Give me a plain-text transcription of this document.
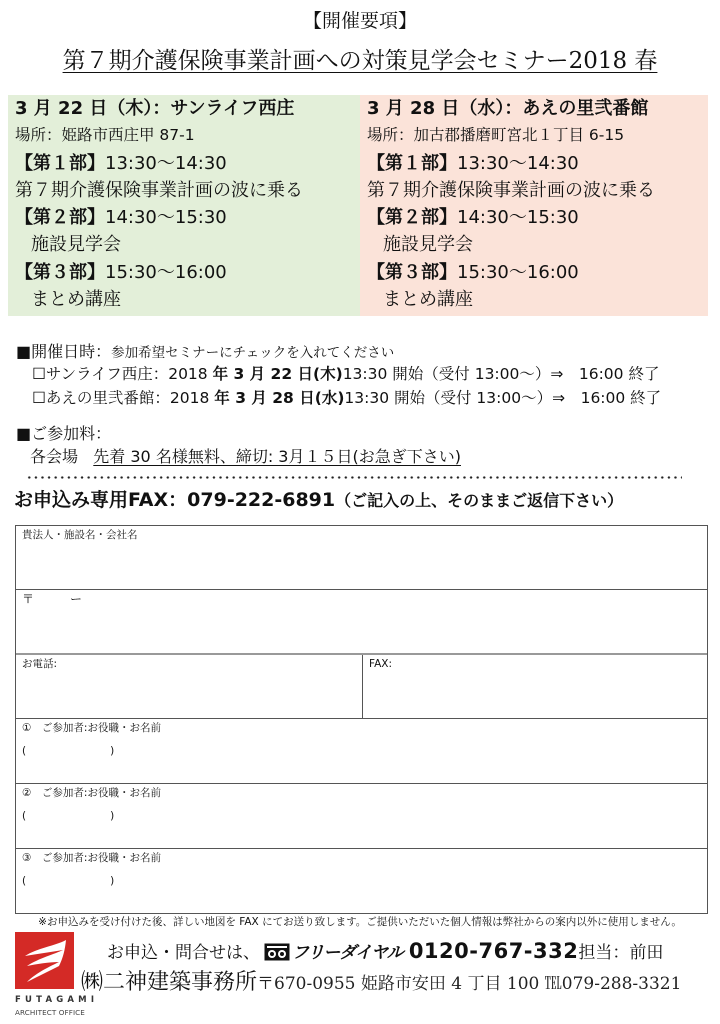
【開催要項】
第７期介護保険事業計画への対策見学会セミナー2018 春
3 月 22 日（木）：サンライフ西庄
場所：姫路市西庄甲 87-1
【第１部】13:30〜14:30
第７期介護保険事業計画の波に乗る
【第２部】14:30〜15:30
施設見学会
【第３部】15:30〜16:00
まとめ講座
3 月 28 日（水）：あえの里弐番館
場所：加古郡播磨町宮北１丁目 6-15
【第１部】13:30〜14:30
第７期介護保険事業計画の波に乗る
【第２部】14:30〜15:30
施設見学会
【第３部】15:30〜16:00
まとめ講座
■開催日時：参加希望セミナーにチェックを入れてください
☐サンライフ西庄：2018 年 3 月 22 日(木)13:30 開始（受付 13:00〜）⇒　16:00 終了
☐あえの里弐番館：2018 年 3 月 28 日(水)13:30 開始（受付 13:00〜）⇒　16:00 終了
■ご参加料：
各会場 先着 30 名様無料、締切: 3月１５日(お急ぎ下さい)
お申込み専用FAX：079-222-6891（ご記入の上、そのままご返信下さい）
貴法人・施設名・会社名
〒　　　ー
お電話:	FAX:
①　ご参加者:お役職・お名前
(　　　　　　　　)
②　ご参加者:お役職・お名前
(　　　　　　　　)
③　ご参加者:お役職・お名前
(　　　　　　　　)
※お申込みを受け付けた後、詳しい地図を FAX にてお送り致します。ご提供いただいた個人情報は弊社からの案内以外に使用しません。
FUTAGAMI
ARCHITECT OFFICE
お申込・問合せは、 フリーダイヤル 0120-767-332担当：前田
㈱二神建築事務所〒670-0955 姫路市安田 4 丁目 100 ℡079-288-3321
